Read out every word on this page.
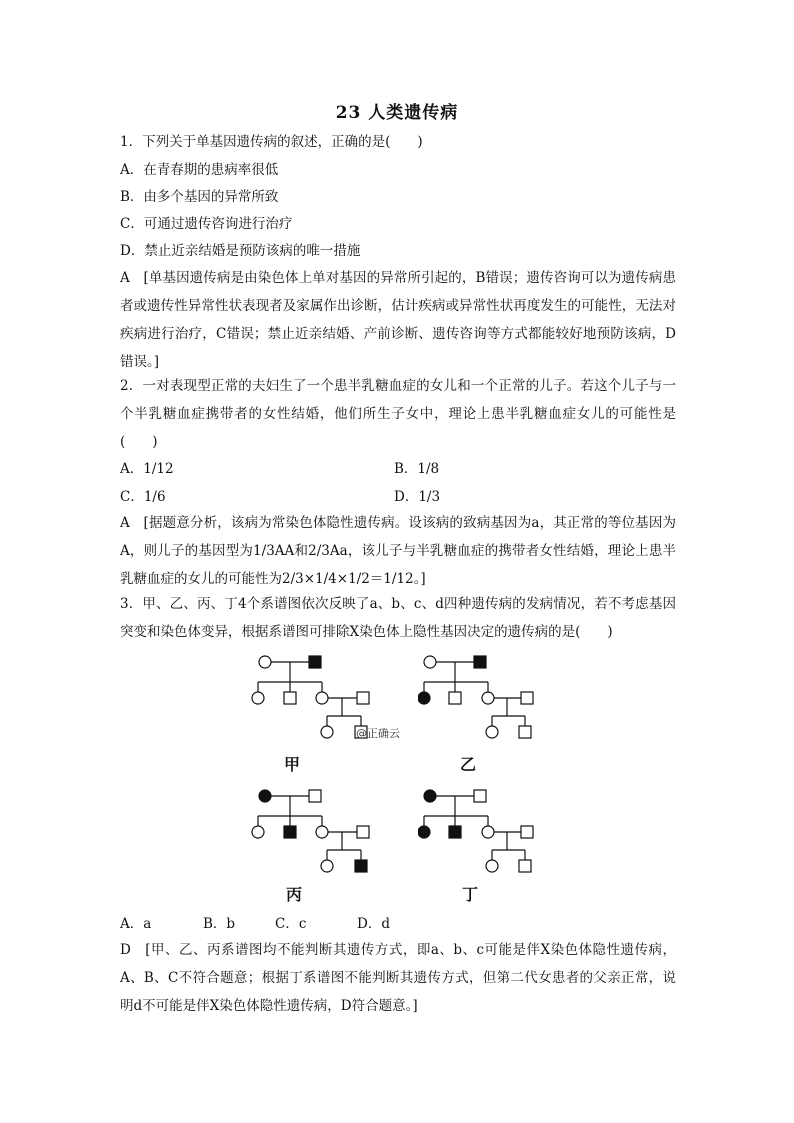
23 人类遗传病
1．下列关于单基因遗传病的叙述，正确的是(　　)
A．在青春期的患病率很低
B．由多个基因的异常所致
C．可通过遗传咨询进行治疗
D．禁止近亲结婚是预防该病的唯一措施
A　[单基因遗传病是由染色体上单对基因的异常所引起的，B错误；遗传咨询可以为遗传病患者或遗传性异常性状表现者及家属作出诊断，估计疾病或异常性状再度发生的可能性，无法对疾病进行治疗，C错误；禁止近亲结婚、产前诊断、遗传咨询等方式都能较好地预防该病，D错误。]
2．一对表现型正常的夫妇生了一个患半乳糖血症的女儿和一个正常的儿子。若这个儿子与一个半乳糖血症携带者的女性结婚，他们所生子女中，理论上患半乳糖血症女儿的可能性是(　　)
A．1/12	B．1/8
C．1/6	D．1/3
A　[据题意分析，该病为常染色体隐性遗传病。设该病的致病基因为a，其正常的等位基因为A，则儿子的基因型为1/3AA和2/3Aa，该儿子与半乳糖血症的携带者女性结婚，理论上患半乳糖血症的女儿的可能性为2/3×1/4×1/2＝1/12。]
3．甲、乙、丙、丁4个系谱图依次反映了a、b、c、d四种遗传病的发病情况，若不考虑基因突变和染色体变异，根据系谱图可排除X染色体上隐性基因决定的遗传病的是(　　)
@正确云
甲	乙
丙	丁
A．a	B．b	C．c	D．d
D　[甲、乙、丙系谱图均不能判断其遗传方式，即a、b、c可能是伴X染色体隐性遗传病，A、B、C不符合题意；根据丁系谱图不能判断其遗传方式，但第二代女患者的父亲正常，说明d不可能是伴X染色体隐性遗传病，D符合题意。]
